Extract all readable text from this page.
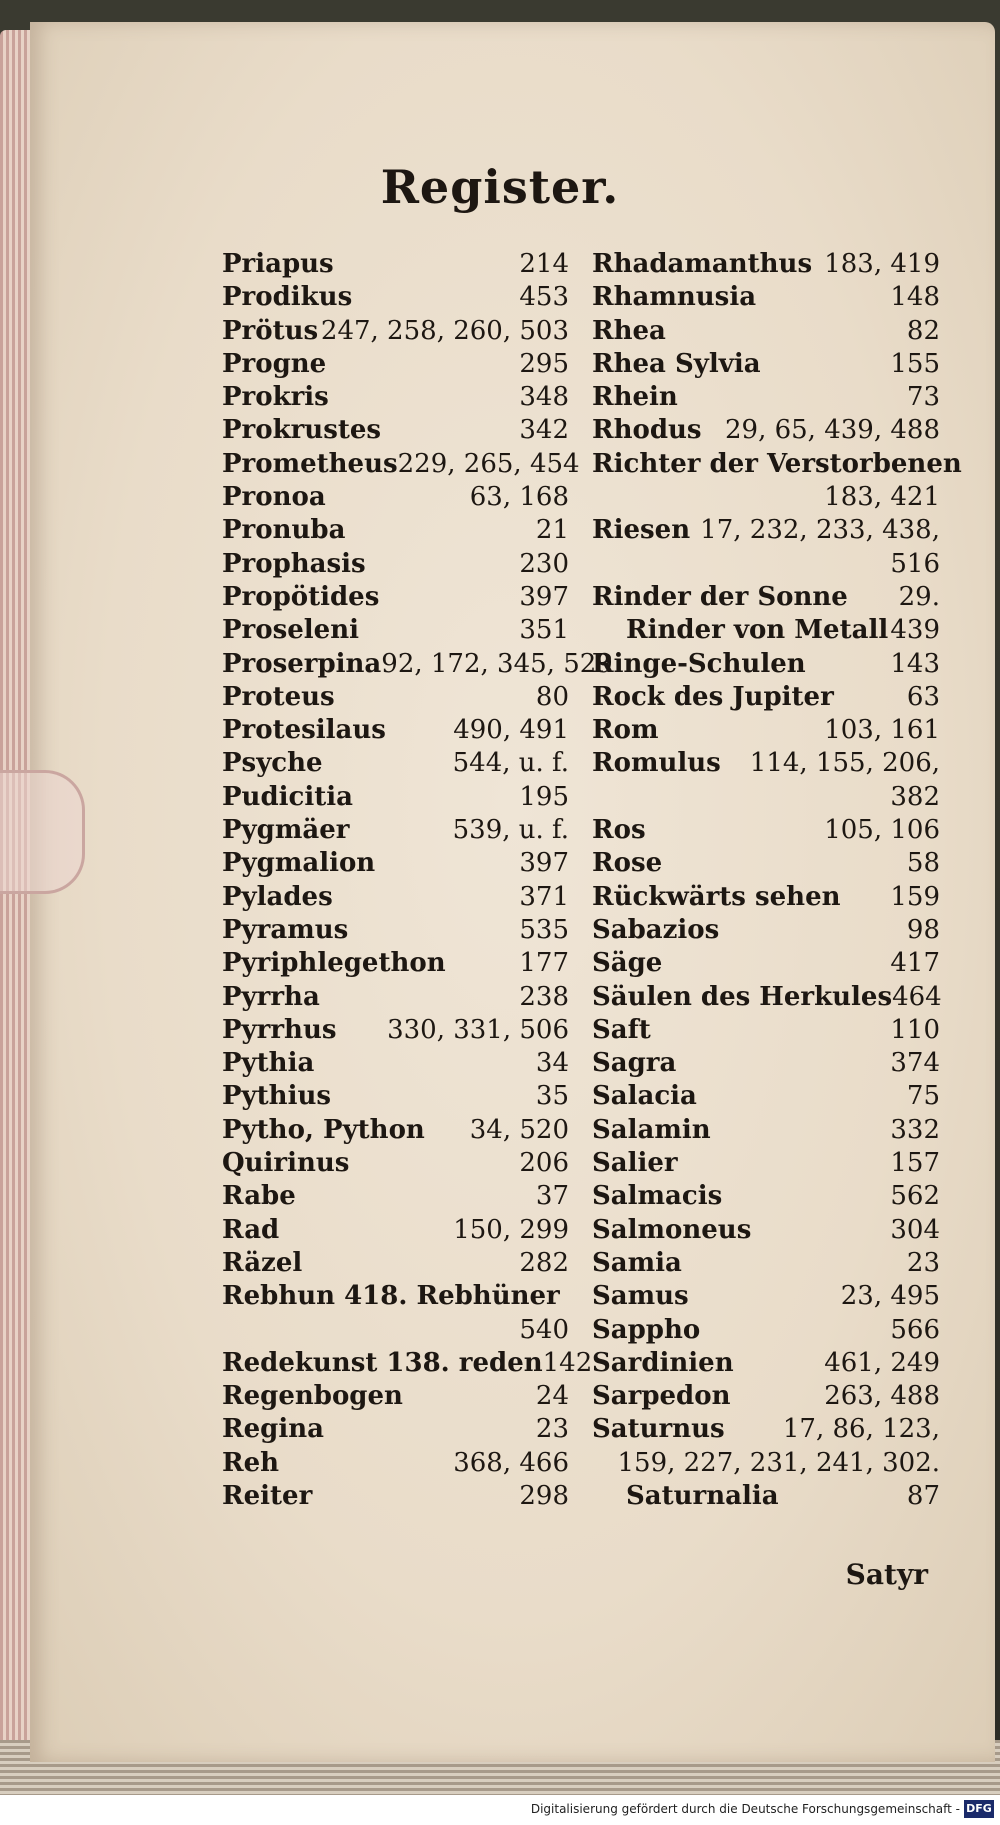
Register.
Priapus	214
Prodikus	453
Prötus 247, 258, 260, 503
Progne	295
Prokris	348
Prokrustes	342
Prometheus 229, 265, 454
Pronoa	63, 168
Pronuba	21
Prophasis	230
Propötides	397
Proseleni	351
Proserpina 92, 172, 345, 529
Proteus	80
Protesilaus	490, 491
Psyche	544, u. f.
Pudicitia	195
Pygmäer	539, u. f.
Pygmalion	397
Pylades	371
Pyramus	535
Pyriphlegethon	177
Pyrrha	238
Pyrrhus 330, 331, 506
Pythia	34
Pythius	35
Pytho, Python 34, 520
Quirinus	206
Rabe	37
Rad	150, 299
Räzel	282
Rebhun 418. Rebhüner
540
Redekunst 138. reden 142
Regenbogen	24
Regina	23
Reh	368, 466
Reiter	298
Rhadamanthus 183, 419
Rhamnusia	148
Rhea	82
Rhea Sylvia	155
Rhein	73
Rhodus 29, 65, 439, 488
Richter der Verstorbenen
183, 421
Riesen 17, 232, 233, 438,
516
Rinder der Sonne 29.
Rinder von Metall 439
Ringe-Schulen	143
Rock des Jupiter	63
Rom	103, 161
Romulus 114, 155, 206,
382
Ros	105, 106
Rose	58
Rückwärts sehen 159
Sabazios	98
Säge	417
Säulen des Herkules 464
Saft	110
Sagra	374
Salacia	75
Salamin	332
Salier	157
Salmacis	562
Salmoneus	304
Samia	23
Samus	23, 495
Sappho	566
Sardinien	461, 249
Sarpedon	263, 488
Saturnus 17, 86, 123,
159, 227, 231, 241, 302.
Saturnalia	87
Satyr
Digitalisierung gefördert durch die Deutsche Forschungsgemeinschaft - DFG
